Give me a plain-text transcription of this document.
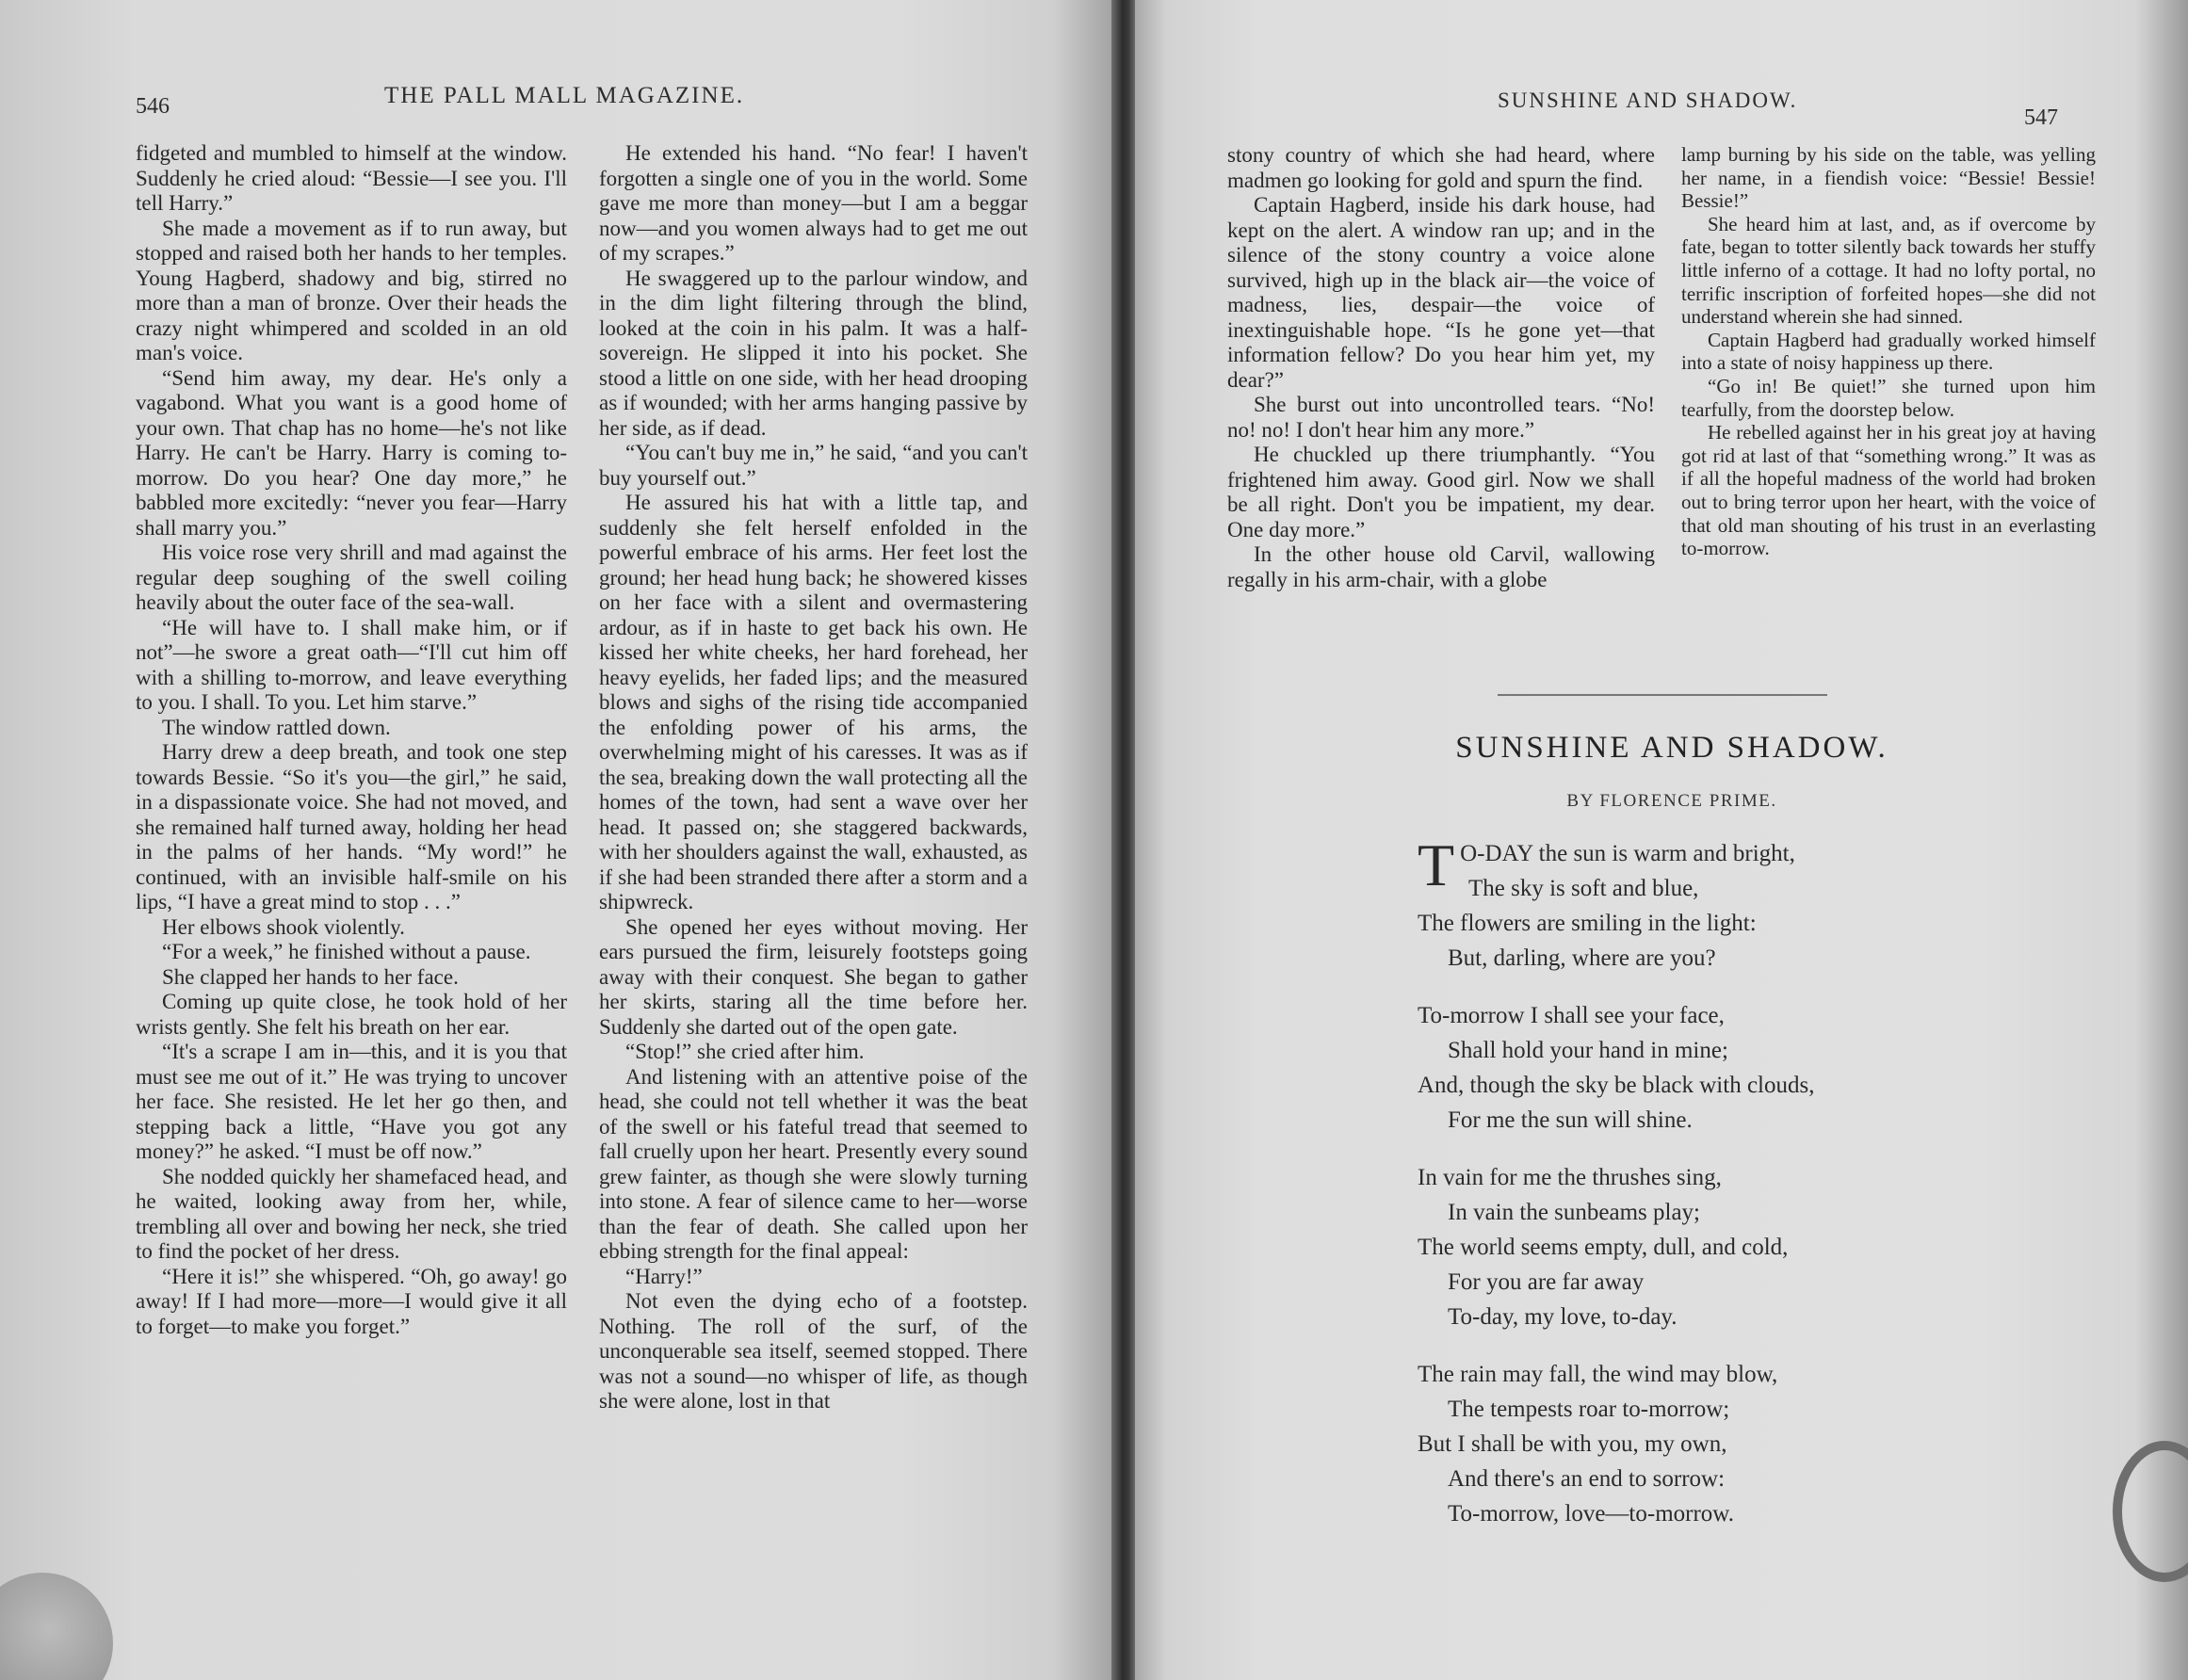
546	THE PALL MALL MAGAZINE.

fidgeted and mumbled to himself at the window. Suddenly he cried aloud: “Bessie—I see you. I'll tell Harry.”

She made a movement as if to run away, but stopped and raised both her hands to her temples. Young Hagberd, shadowy and big, stirred no more than a man of bronze. Over their heads the crazy night whimpered and scolded in an old man's voice.

“Send him away, my dear. He's only a vagabond. What you want is a good home of your own. That chap has no home—he's not like Harry. He can't be Harry. Harry is coming to-morrow. Do you hear? One day more,” he babbled more excitedly: “never you fear—Harry shall marry you.”

His voice rose very shrill and mad against the regular deep soughing of the swell coiling heavily about the outer face of the sea-wall.

“He will have to. I shall make him, or if not”—he swore a great oath—“I'll cut him off with a shilling to-morrow, and leave everything to you. I shall. To you. Let him starve.”

The window rattled down.

Harry drew a deep breath, and took one step towards Bessie. “So it's you—the girl,” he said, in a dispassionate voice. She had not moved, and she remained half turned away, holding her head in the palms of her hands. “My word!” he continued, with an invisible half-smile on his lips, “I have a great mind to stop . . .”

Her elbows shook violently.

“For a week,” he finished without a pause.

She clapped her hands to her face.

Coming up quite close, he took hold of her wrists gently. She felt his breath on her ear.

“It's a scrape I am in—this, and it is you that must see me out of it.” He was trying to uncover her face. She resisted. He let her go then, and stepping back a little, “Have you got any money?” he asked. “I must be off now.”

She nodded quickly her shamefaced head, and he waited, looking away from her, while, trembling all over and bowing her neck, she tried to find the pocket of her dress.

“Here it is!” she whispered. “Oh, go away! go away! If I had more—more—I would give it all to forget—to make you forget.”

He extended his hand. “No fear! I haven't forgotten a single one of you in the world. Some gave me more than money—but I am a beggar now—and you women always had to get me out of my scrapes.”

He swaggered up to the parlour window, and in the dim light filtering through the blind, looked at the coin in his palm. It was a half-sovereign. He slipped it into his pocket. She stood a little on one side, with her head drooping as if wounded; with her arms hanging passive by her side, as if dead.

“You can't buy me in,” he said, “and you can't buy yourself out.”

He assured his hat with a little tap, and suddenly she felt herself enfolded in the powerful embrace of his arms. Her feet lost the ground; her head hung back; he showered kisses on her face with a silent and overmastering ardour, as if in haste to get back his own. He kissed her white cheeks, her hard forehead, her heavy eyelids, her faded lips; and the measured blows and sighs of the rising tide accompanied the enfolding power of his arms, the overwhelming might of his caresses. It was as if the sea, breaking down the wall protecting all the homes of the town, had sent a wave over her head. It passed on; she staggered backwards, with her shoulders against the wall, exhausted, as if she had been stranded there after a storm and a shipwreck.

She opened her eyes without moving. Her ears pursued the firm, leisurely footsteps going away with their conquest. She began to gather her skirts, staring all the time before her. Suddenly she darted out of the open gate.

“Stop!” she cried after him.

And listening with an attentive poise of the head, she could not tell whether it was the beat of the swell or his fateful tread that seemed to fall cruelly upon her heart. Presently every sound grew fainter, as though she were slowly turning into stone. A fear of silence came to her—worse than the fear of death. She called upon her ebbing strength for the final appeal:

“Harry!”

Not even the dying echo of a footstep. Nothing. The roll of the surf, of the unconquerable sea itself, seemed stopped. There was not a sound—no whisper of life, as though she were alone, lost in that

SUNSHINE AND SHADOW.
547

stony country of which she had heard, where madmen go looking for gold and spurn the find.

Captain Hagberd, inside his dark house, had kept on the alert. A window ran up; and in the silence of the stony country a voice alone survived, high up in the black air—the voice of madness, lies, despair—the voice of inextinguishable hope. “Is he gone yet—that information fellow? Do you hear him yet, my dear?”

She burst out into uncontrolled tears. “No! no! no! I don't hear him any more.”

He chuckled up there triumphantly. “You frightened him away. Good girl. Now we shall be all right. Don't you be impatient, my dear. One day more.”

In the other house old Carvil, wallowing regally in his arm-chair, with a globe

lamp burning by his side on the table, was yelling her name, in a fiendish voice: “Bessie! Bessie! Bessie!”

She heard him at last, and, as if overcome by fate, began to totter silently back towards her stuffy little inferno of a cottage. It had no lofty portal, no terrific inscription of forfeited hopes—she did not understand wherein she had sinned.

Captain Hagberd had gradually worked himself into a state of noisy happiness up there.

“Go in! Be quiet!” she turned upon him tearfully, from the doorstep below.

He rebelled against her in his great joy at having got rid at last of that “something wrong.” It was as if all the hopeful madness of the world had broken out to bring terror upon her heart, with the voice of that old man shouting of his trust in an everlasting to-morrow.

SUNSHINE AND SHADOW.
BY FLORENCE PRIME.
T O-DAY the sun is warm and bright,
The sky is soft and blue,
The flowers are smiling in the light:
But, darling, where are you?
To-morrow I shall see your face,
Shall hold your hand in mine;
And, though the sky be black with clouds,
For me the sun will shine.
In vain for me the thrushes sing,
In vain the sunbeams play;
The world seems empty, dull, and cold,
For you are far away
To-day, my love, to-day.
The rain may fall, the wind may blow,
The tempests roar to-morrow;
But I shall be with you, my own,
And there's an end to sorrow:
To-morrow, love—to-morrow.
